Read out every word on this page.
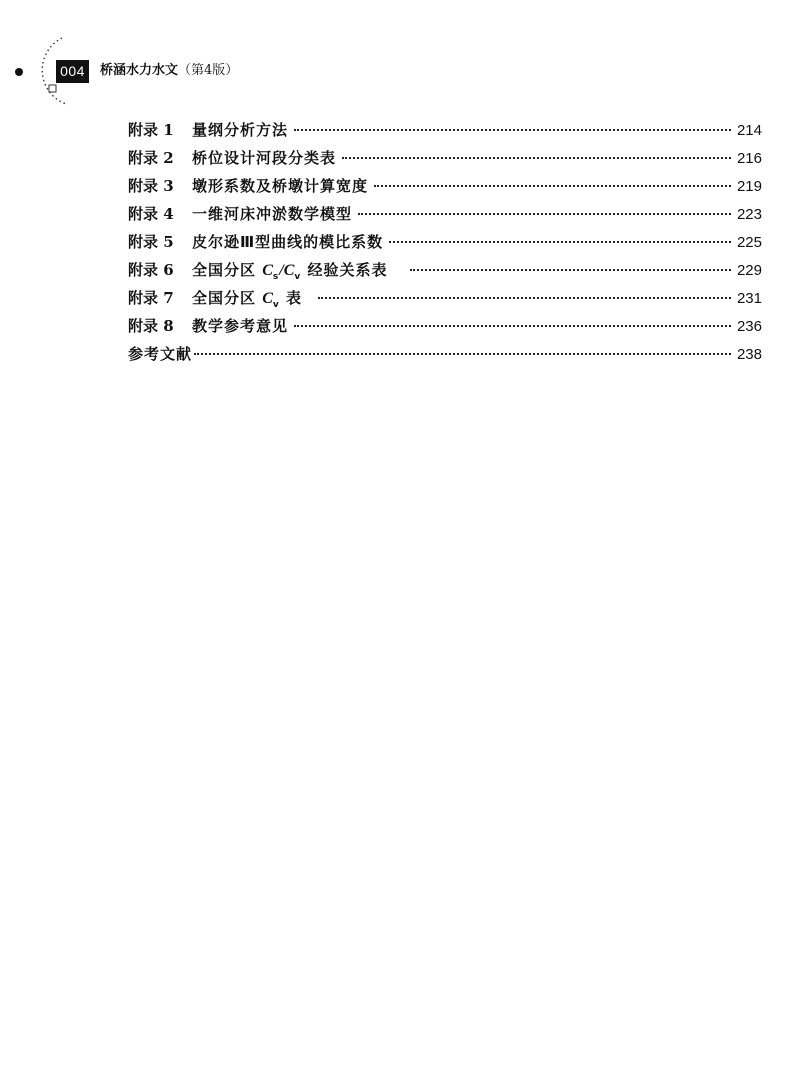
004	桥涵水力水文（第4版）
附录 1	量纲分析方法	214
附录 2	桥位设计河段分类表	216
附录 3	墩形系数及桥墩计算宽度	219
附录 4	一维河床冲淤数学模型	223
附录 5	皮尔逊Ⅲ型曲线的模比系数	225
附录 6	全国分区 $C_s/C_v$ 经验关系表	229
附录 7	全国分区 $C_v$ 表	231
附录 8	教学参考意见	236
参考文献	238
